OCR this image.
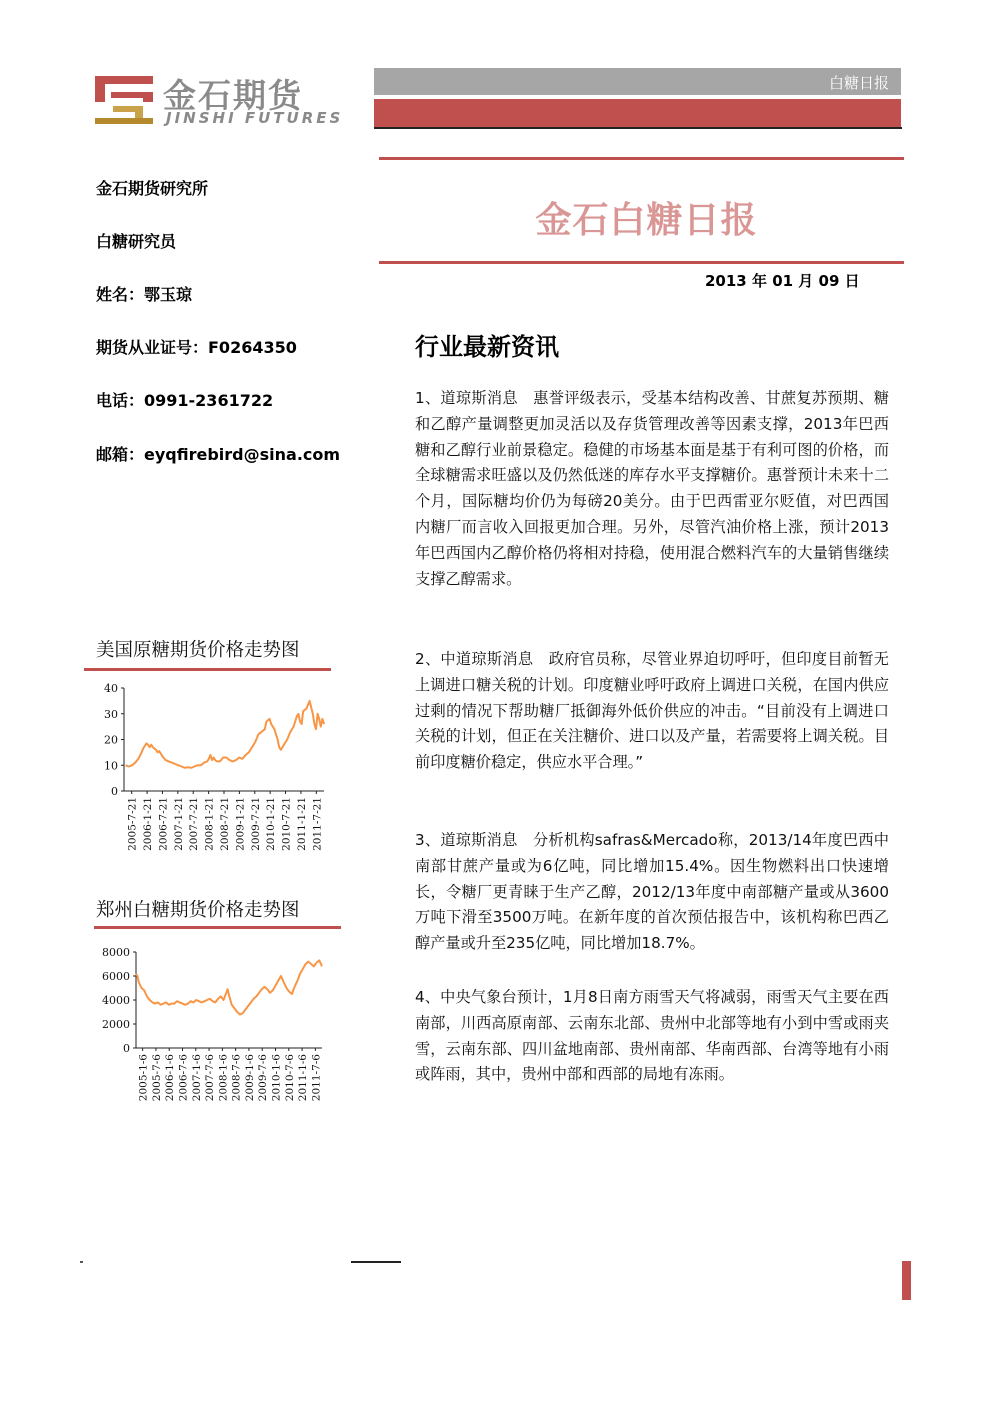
金石期货
JINSHI FUTURES
白糖日报
金石期货研究所
白糖研究员
姓名：鄂玉琼
期货从业证号：F0264350
电话：0991-2361722
邮箱：eyqfirebird@sina.com
金石白糖日报
2013 年 01 月 09 日
行业最新资讯

1、道琼斯消息　惠誉评级表示，受基本结构改善、甘蔗复苏预期、糖和乙醇产量调整更加灵活以及存货管理改善等因素支撑，2013年巴西糖和乙醇行业前景稳定。稳健的市场基本面是基于有利可图的价格，而全球糖需求旺盛以及仍然低迷的库存水平支撑糖价。惠誉预计未来十二个月，国际糖均价仍为每磅20美分。由于巴西雷亚尔贬值，对巴西国内糖厂而言收入回报更加合理。另外，尽管汽油价格上涨，预计2013年巴西国内乙醇价格仍将相对持稳，使用混合燃料汽车的大量销售继续支撑乙醇需求。

2、中道琼斯消息　政府官员称，尽管业界迫切呼吁，但印度目前暂无上调进口糖关税的计划。印度糖业呼吁政府上调进口关税，在国内供应过剩的情况下帮助糖厂抵御海外低价供应的冲击。“目前没有上调进口关税的计划，但正在关注糖价、进口以及产量，若需要将上调关税。目前印度糖价稳定，供应水平合理。”

3、道琼斯消息　分析机构safras&Mercado称，2013/14年度巴西中南部甘蔗产量或为6亿吨，同比增加15.4%。因生物燃料出口快速增长，令糖厂更青睐于生产乙醇，2012/13年度中南部糖产量或从3600万吨下滑至3500万吨。在新年度的首次预估报告中，该机构称巴西乙醇产量或升至235亿吨，同比增加18.7%。

4、中央气象台预计，1月8日南方雨雪天气将减弱，雨雪天气主要在西南部，川西高原南部、云南东北部、贵州中北部等地有小到中雪或雨夹雪，云南东部、四川盆地南部、贵州南部、华南西部、台湾等地有小雨或阵雨，其中，贵州中部和西部的局地有冻雨。

美国原糖期货价格走势图
0
10
20
30
40
2005-7-21 2006-1-21 2006-7-21 2007-1-21 2007-7-21 2008-1-21 2008-7-21 2009-1-21 2009-7-21 2010-1-21 2010-7-21 2011-1-21 2011-7-21
郑州白糖期货价格走势图
0
2000
4000
6000
8000
2005-1-6 2005-7-6 2006-1-6 2006-7-6 2007-1-6 2007-7-6 2008-1-6 2008-7-6 2009-1-6 2009-7-6 2010-1-6 2010-7-6 2011-1-6 2011-7-6
